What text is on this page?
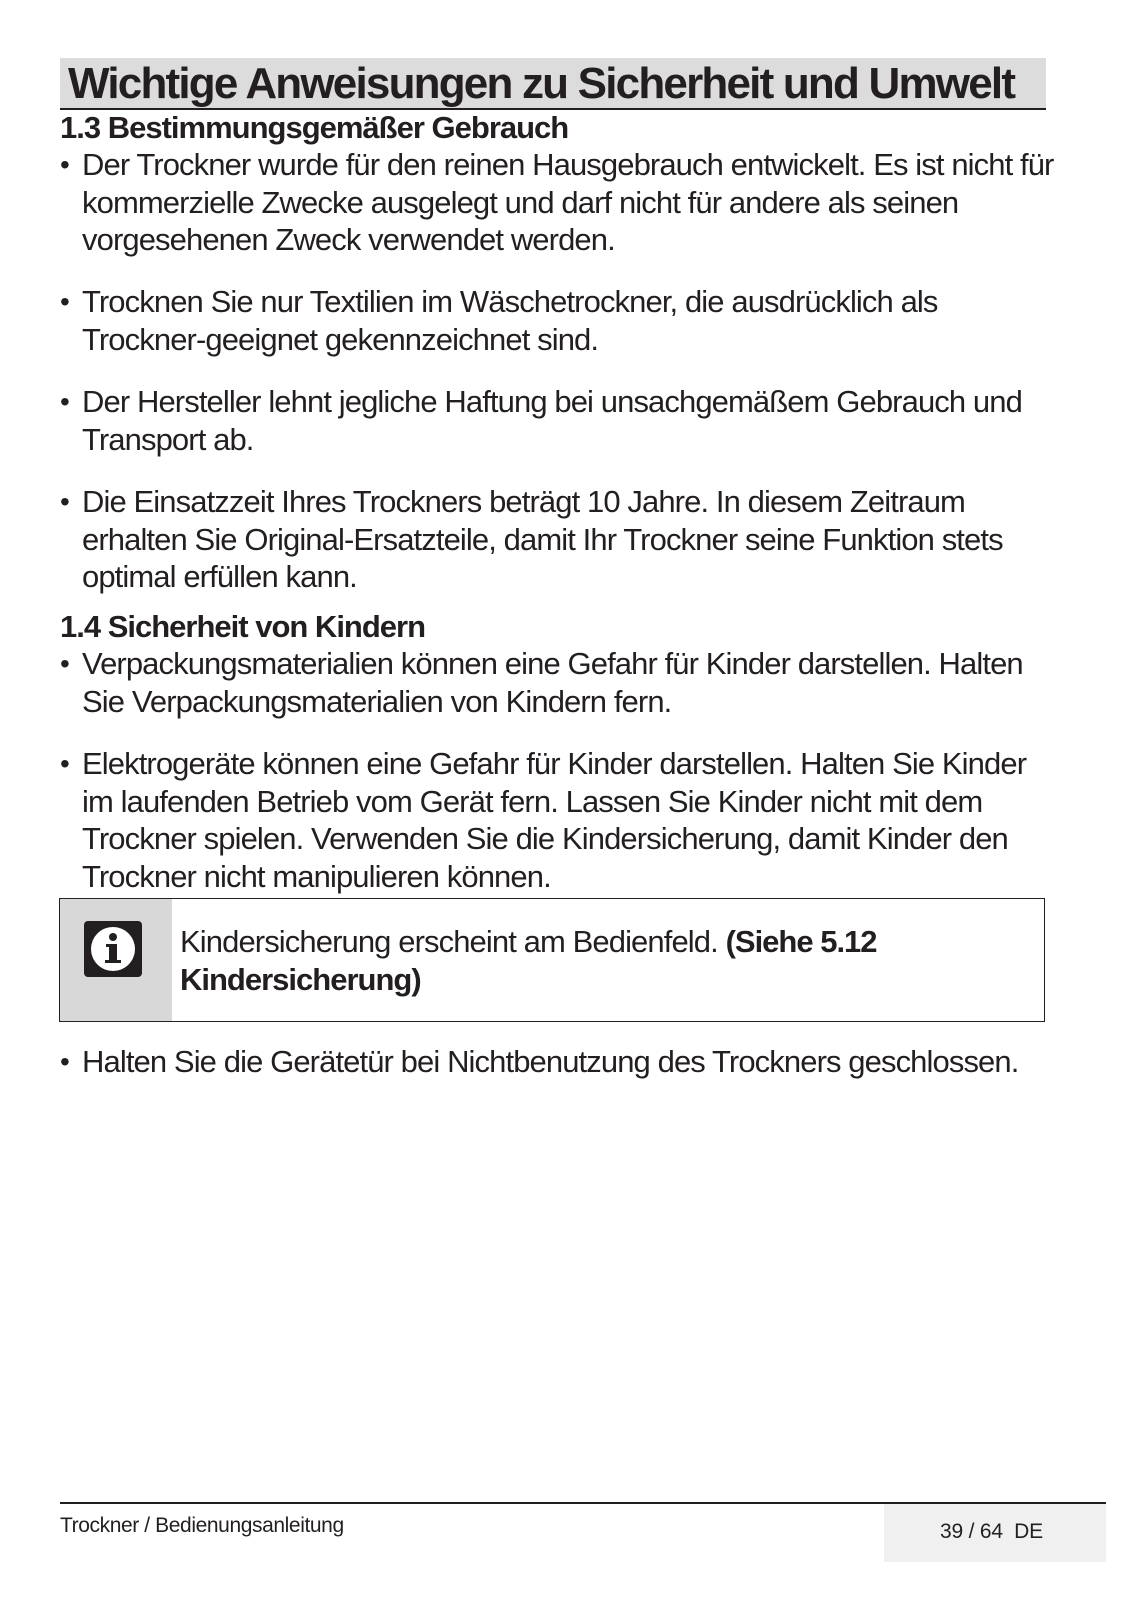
Wichtige Anweisungen zu Sicherheit und Umwelt
1.3 Bestimmungsgemäßer Gebrauch
• Der Trockner wurde für den reinen Hausgebrauch entwickelt. Es ist nicht für kommerzielle Zwecke ausgelegt und darf nicht für andere als seinen vorgesehenen Zweck verwendet werden.
• Trocknen Sie nur Textilien im Wäschetrockner, die ausdrücklich als Trockner-geeignet gekennzeichnet sind.
• Der Hersteller lehnt jegliche Haftung bei unsachgemäßem Gebrauch und Transport ab.
• Die Einsatzzeit Ihres Trockners beträgt 10 Jahre. In diesem Zeitraum erhalten Sie Original-Ersatzteile, damit Ihr Trockner seine Funktion stets optimal erfüllen kann.
1.4 Sicherheit von Kindern
• Verpackungsmaterialien können eine Gefahr für Kinder darstellen. Halten Sie Verpackungsmaterialien von Kindern fern.
• Elektrogeräte können eine Gefahr für Kinder darstellen. Halten Sie Kinder im laufenden Betrieb vom Gerät fern. Lassen Sie Kinder nicht mit dem Trockner spielen. Verwenden Sie die Kindersicherung, damit Kinder den Trockner nicht manipulieren können.
Kindersicherung erscheint am Bedienfeld. (Siehe 5.12 Kindersicherung)
• Halten Sie die Gerätetür bei Nichtbenutzung des Trockners geschlossen.
Trockner / Bedienungsanleitung	39 / 64 DE
